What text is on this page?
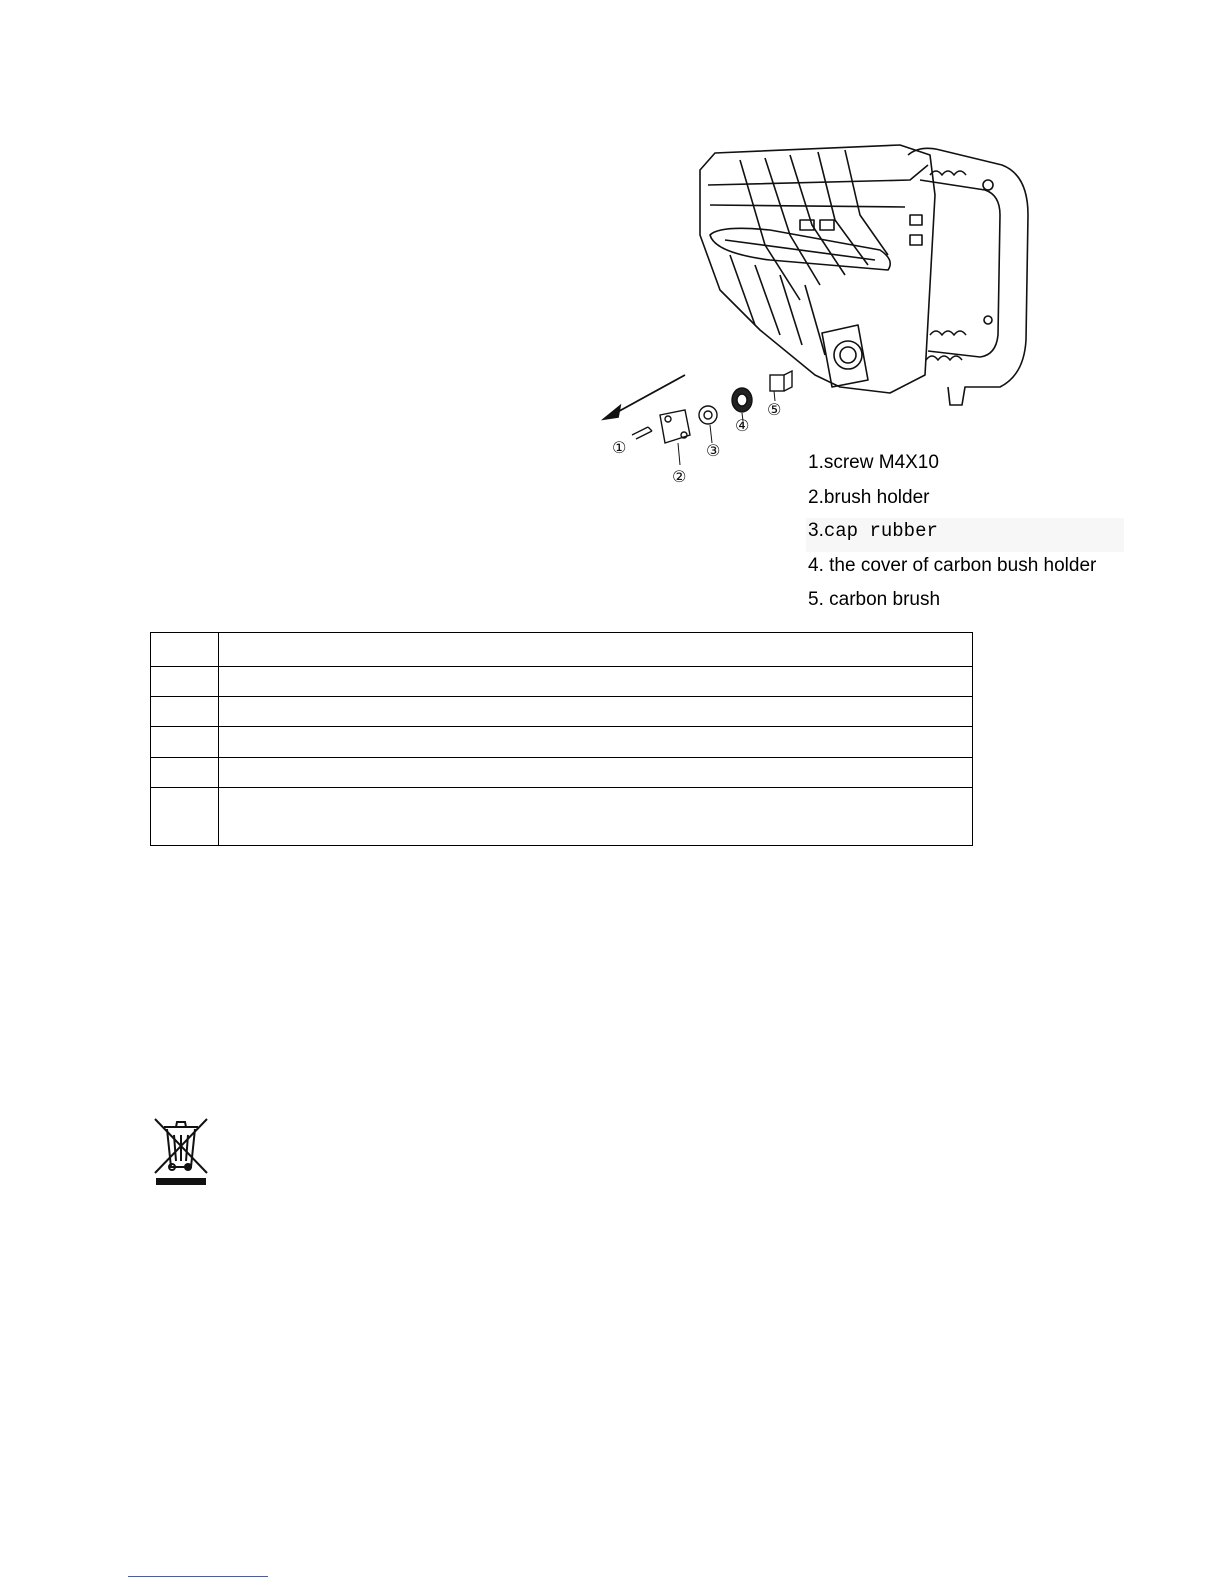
①
②
③
④
⑤
1.screw M4X10
2.brush holder
3.cap rubber
4. the cover of carbon bush holder
5. carbon brush
